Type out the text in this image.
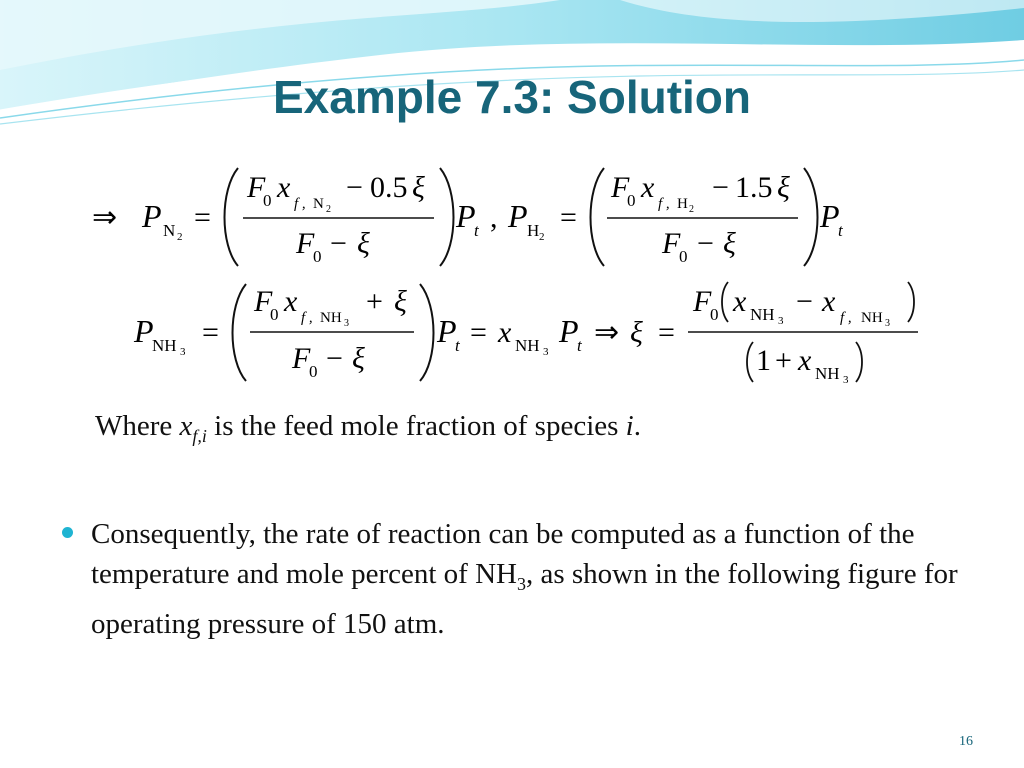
Example 7.3: Solution
⇒ P N 2
=
F
0 x f , N 2
− 0.5 ξ
F
0 − ξ
P
t , P H 2
=
F
0 x f , H 2
− 1.5 ξ
F
0 − ξ
P
t
P
NH 3
=
F
0 x f , NH 3
+ ξ
F
0 − ξ
P
t = x NH 3
P
t ⇒ ξ =
F
0 x NH 3
− x f , NH 3
1 + x NH 3
Where $x_{f,i}$ is the feed mole fraction of species i.
Consequently, the rate of reaction can be computed as a function of the temperature and mole percent of $NH_3$, as shown in the following figure for operating pressure of 150 atm.
16
